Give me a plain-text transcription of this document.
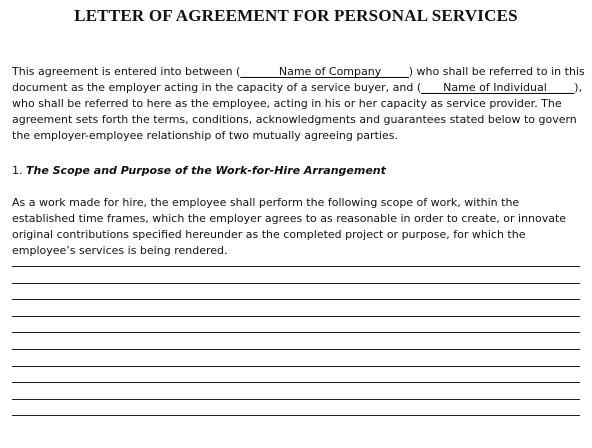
LETTER OF AGREEMENT FOR PERSONAL SERVICES
This agreement is entered into between (_______Name of Company_____) who shall be referred to in this
document as the employer acting in the capacity of a service buyer, and (____Name of Individual_____),
who shall be referred to here as the employee, acting in his or her capacity as service provider. The
agreement sets forth the terms, conditions, acknowledgments and guarantees stated below to govern
the employer-employee relationship of two mutually agreeing parties.
1. The Scope and Purpose of the Work-for-Hire Arrangement
As a work made for hire, the employee shall perform the following scope of work, within the
established time frames, which the employer agrees to as reasonable in order to create, or innovate
original contributions specified hereunder as the completed project or purpose, for which the
employee’s services is being rendered.
